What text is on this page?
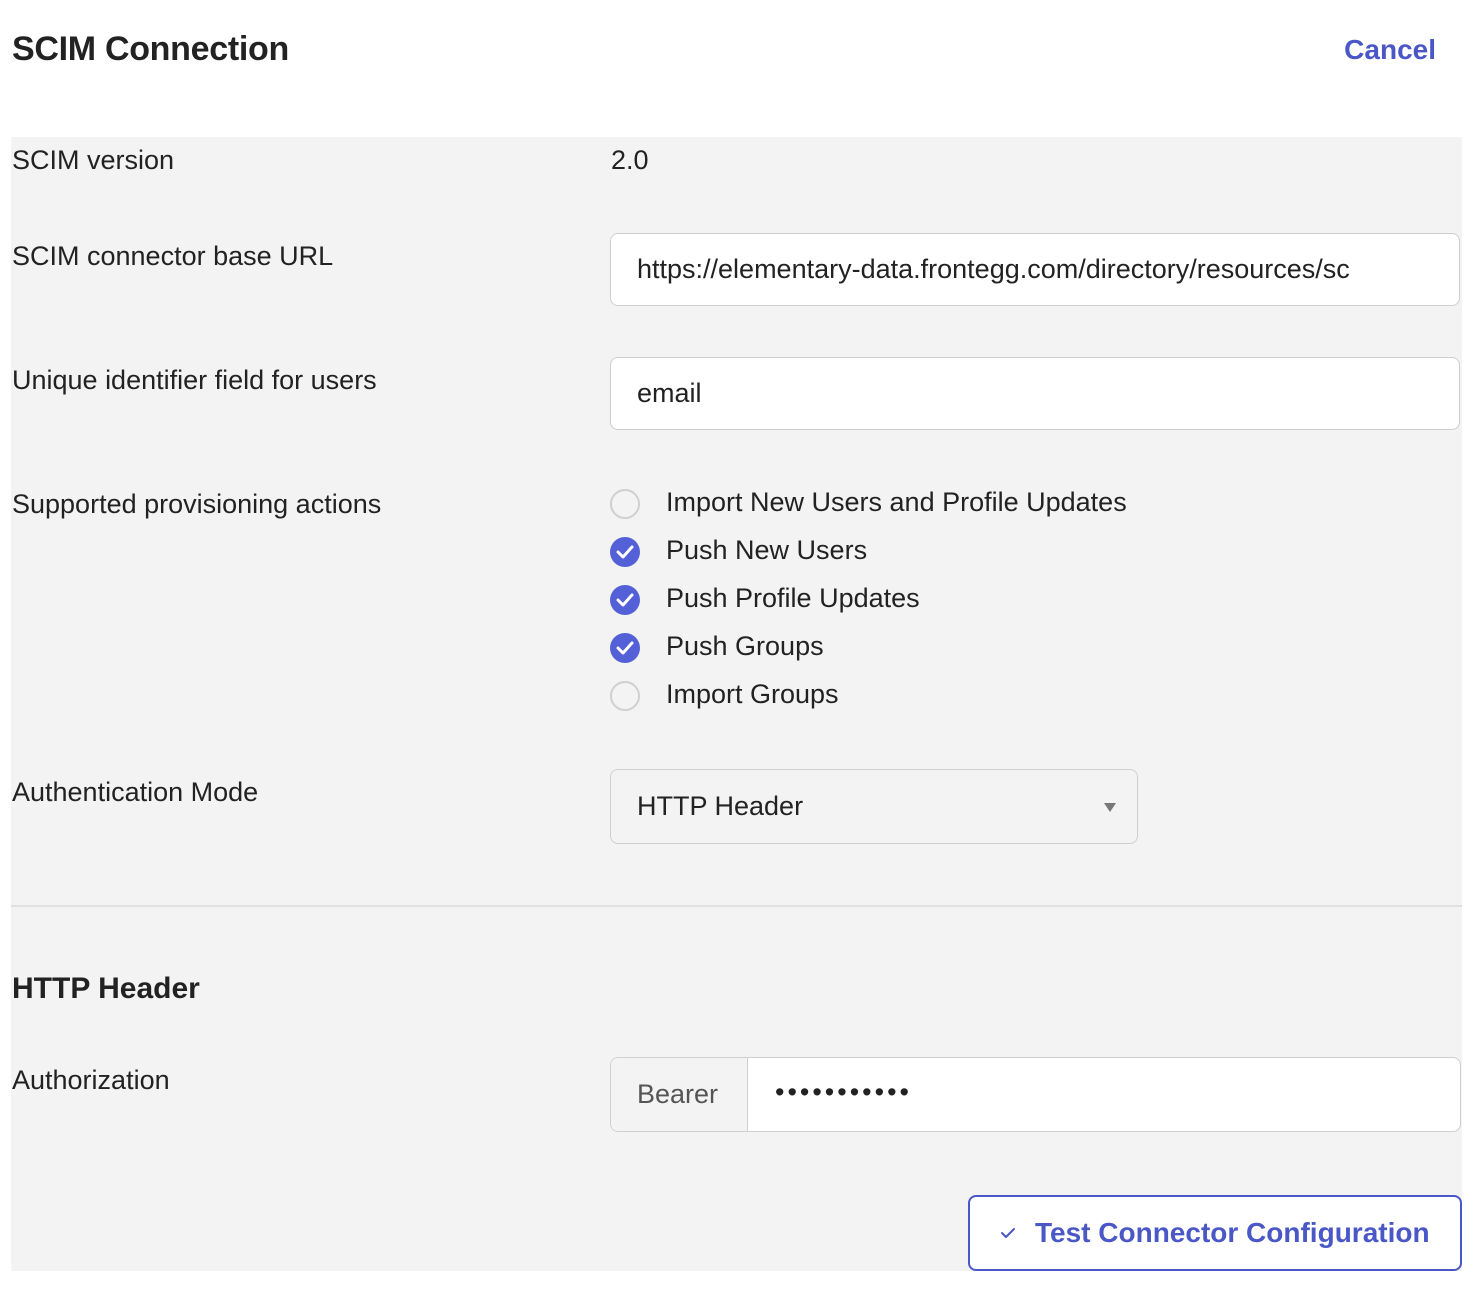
SCIM Connection	Cancel
SCIM version	2.0
SCIM connector base URL	https://elementary-data.frontegg.com/directory/resources/sc
Unique identifier field for users	email
Supported provisioning actions	Import New Users and Profile Updates
Push New Users
Push Profile Updates
Push Groups
Import Groups
Authentication Mode	HTTP Header
HTTP Header
Authorization	Bearer •••••••••••
Test Connector Configuration
